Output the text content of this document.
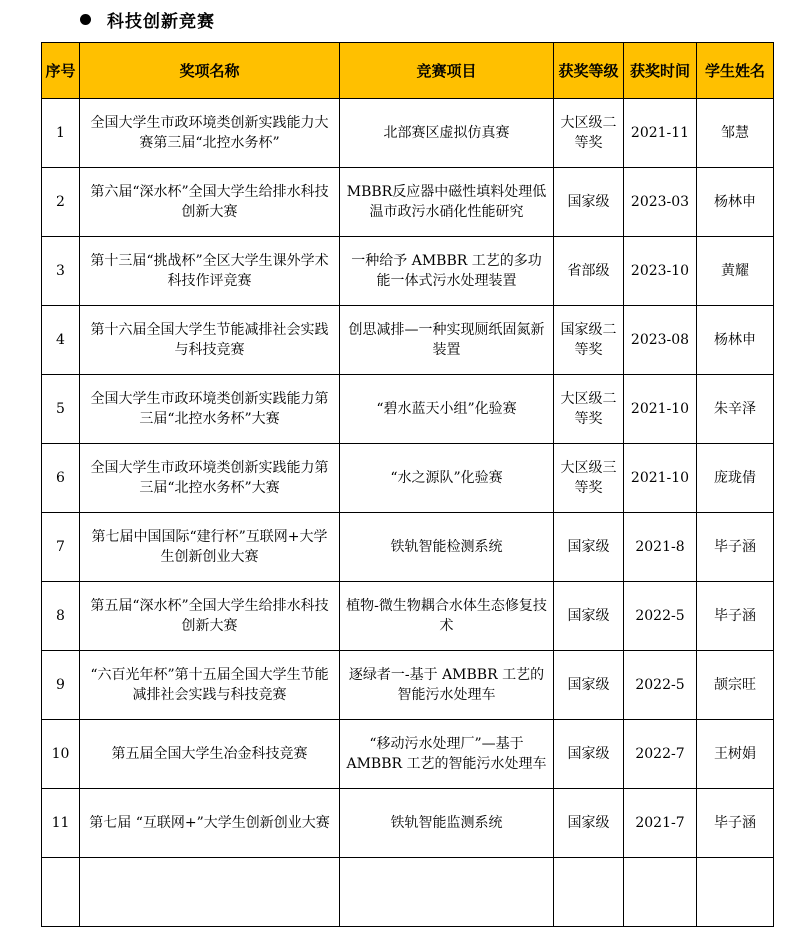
科技创新竞赛
序号	奖项名称	竞赛项目	获奖等级	获奖时间	学生姓名
1	全国大学生市政环境类创新实践能力大赛第三届“北控水务杯”	北部赛区虚拟仿真赛	大区级二等奖	2021-11	邹慧
2	第六届“深水杯”全国大学生给排水科技创新大赛	MBBR反应器中磁性填料处理低温市政污水硝化性能研究	国家级	2023-03	杨林申
3	第十三届“挑战杯”全区大学生课外学术科技作评竞赛	一种给予 AMBBR 工艺的多功能一体式污水处理装置	省部级	2023-10	黄耀
4	第十六届全国大学生节能减排社会实践与科技竞赛	创思减排—一种实现厕纸固氮新装置	国家级二等奖	2023-08	杨林申
5	全国大学生市政环境类创新实践能力第三届“北控水务杯”大赛	“碧水蓝天小组”化验赛	大区级二等奖	2021-10	朱辛泽
6	全国大学生市政环境类创新实践能力第三届“北控水务杯”大赛	“水之源队”化验赛	大区级三等奖	2021-10	庞珑倩
7	第七届中国国际“建行杯”互联网+大学生创新创业大赛	铁轨智能检测系统	国家级	2021-8	毕子涵
8	第五届“深水杯”全国大学生给排水科技创新大赛	植物-微生物耦合水体生态修复技术	国家级	2022-5	毕子涵
9	“六百光年杯”第十五届全国大学生节能减排社会实践与科技竞赛	逐绿者一-基于 AMBBR 工艺的智能污水处理车	国家级	2022-5	颉宗旺
10	第五届全国大学生冶金科技竞赛	“移动污水处理厂”—基于AMBBR 工艺的智能污水处理车	国家级	2022-7	王树娟
11	第七届 “互联网+”大学生创新创业大赛	铁轨智能监测系统	国家级	2021-7	毕子涵
